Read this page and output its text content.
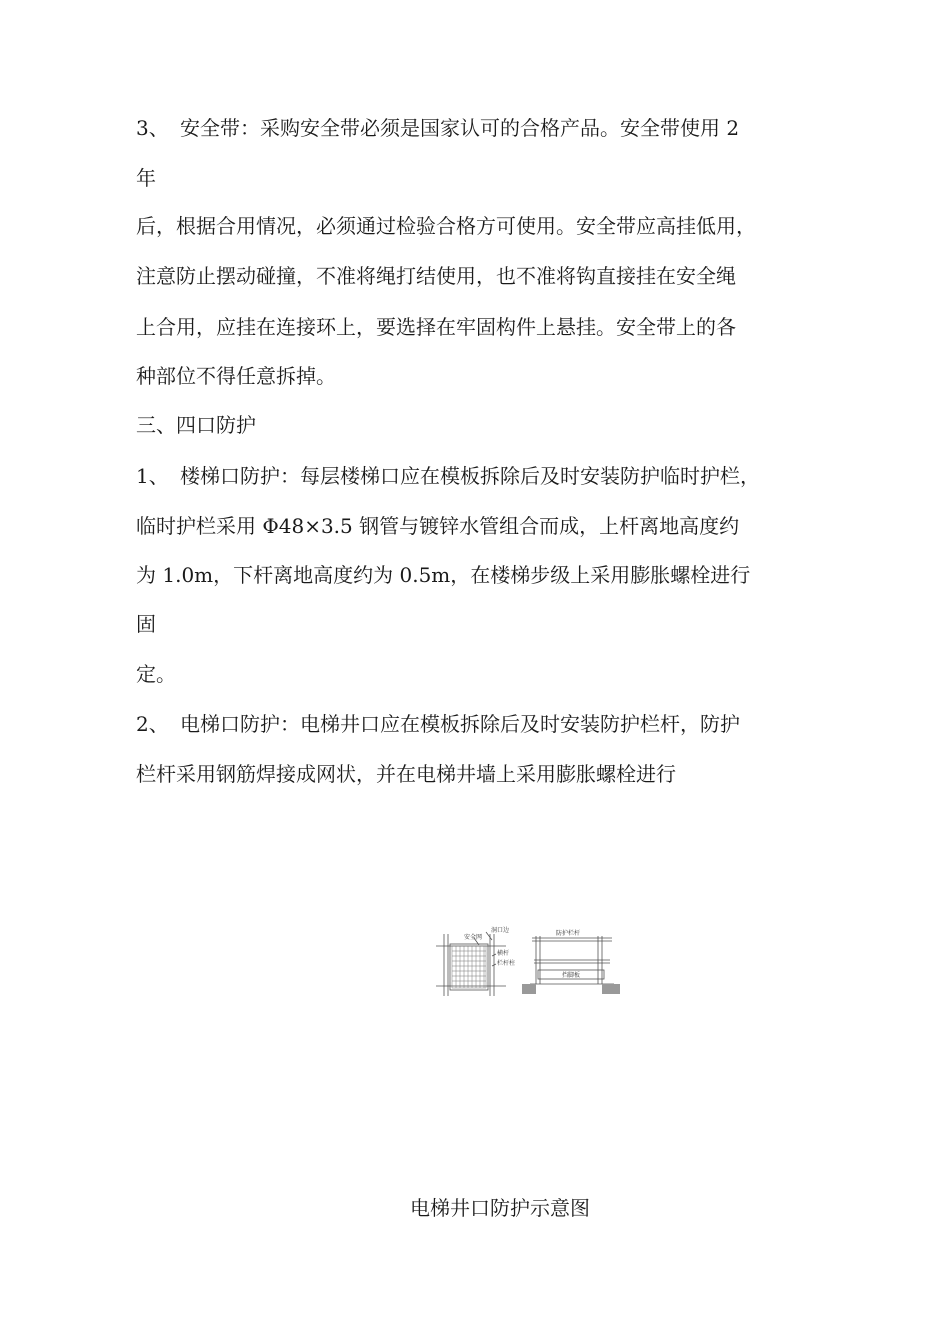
3、 安全带：采购安全带必须是国家认可的合格产品。安全带使用 2
年
后，根据合用情况，必须通过检验合格方可使用。安全带应高挂低用，
注意防止摆动碰撞，不准将绳打结使用，也不准将钩直接挂在安全绳
上合用，应挂在连接环上，要选择在牢固构件上悬挂。安全带上的各
种部位不得任意拆掉。
三、四口防护
1、 楼梯口防护：每层楼梯口应在模板拆除后及时安装防护临时护栏，
临时护栏采用 Φ48×3.5 钢管与镀锌水管组合而成，上杆离地高度约
为 1.0m，下杆离地高度约为 0.5m，在楼梯步级上采用膨胀螺栓进行
固
定。
2、 电梯口防护：电梯井口应在模板拆除后及时安装防护栏杆，防护
栏杆采用钢筋焊接成网状，并在电梯井墙上采用膨胀螺栓进行
安全网
洞口边
横杆
栏杆柱
防护栏杆
挡脚板
电梯井口防护示意图
